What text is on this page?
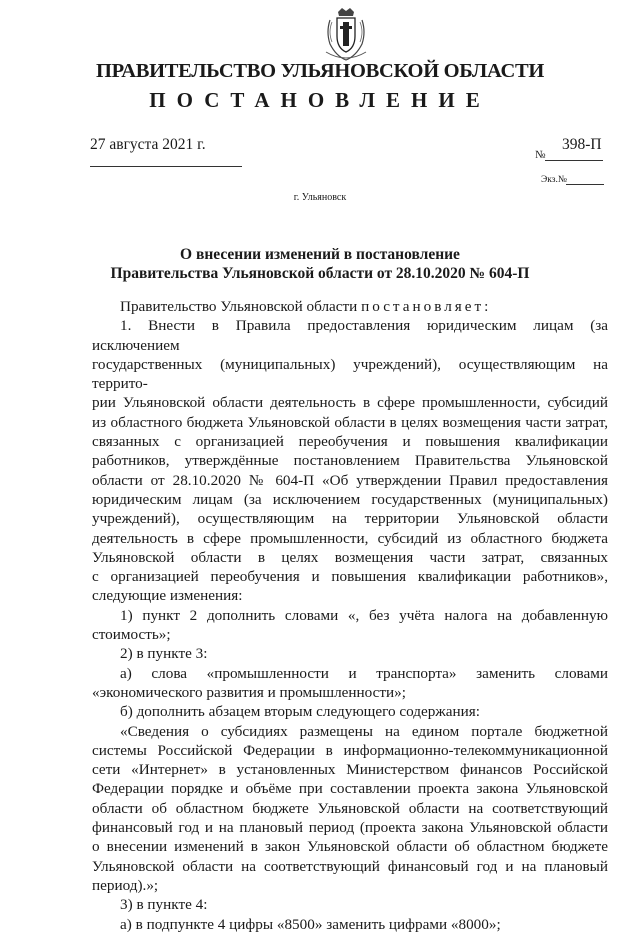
ПРАВИТЕЛЬСТВО УЛЬЯНОВСКОЙ ОБЛАСТИ
ПОСТАНОВЛЕНИЕ
27 августа 2021 г.
№
398-П
Экз.№
г. Ульяновск
О внесении изменений в постановление
Правительства Ульяновской области от 28.10.2020 № 604-П

Правительство Ульяновской области постановляет:

1. Внести в Правила предоставления юридическим лицам (за исключением

государственных (муниципальных) учреждений), осуществляющим на террито-

рии Ульяновской области деятельность в сфере промышленности, субсидий

из областного бюджета Ульяновской области в целях возмещения части затрат,

связанных с организацией переобучения и повышения квалификации

работников, утверждённые постановлением Правительства Ульяновской

области от 28.10.2020 № 604-П «Об утверждении Правил предоставления

юридическим лицам (за исключением государственных (муниципальных)

учреждений), осуществляющим на территории Ульяновской области

деятельность в сфере промышленности, субсидий из областного бюджета

Ульяновской области в целях возмещения части затрат, связанных

с организацией переобучения и повышения квалификации работников»,

следующие изменения:

1) пункт 2 дополнить словами «, без учёта налога на добавленную

стоимость»;

2) в пункте 3:

а) слова «промышленности и транспорта» заменить словами

«экономического развития и промышленности»;

б) дополнить абзацем вторым следующего содержания:

«Сведения о субсидиях размещены на едином портале бюджетной

системы Российской Федерации в информационно-телекоммуникационной

сети «Интернет» в установленных Министерством финансов Российской

Федерации порядке и объёме при составлении проекта закона Ульяновской

области об областном бюджете Ульяновской области на соответствующий

финансовый год и на плановый период (проекта закона Ульяновской области

о внесении изменений в закон Ульяновской области об областном бюджете

Ульяновской области на соответствующий финансовый год и на плановый

период).»;

3) в пункте 4:

а) в подпункте 4 цифры «8500» заменить цифрами «8000»;
